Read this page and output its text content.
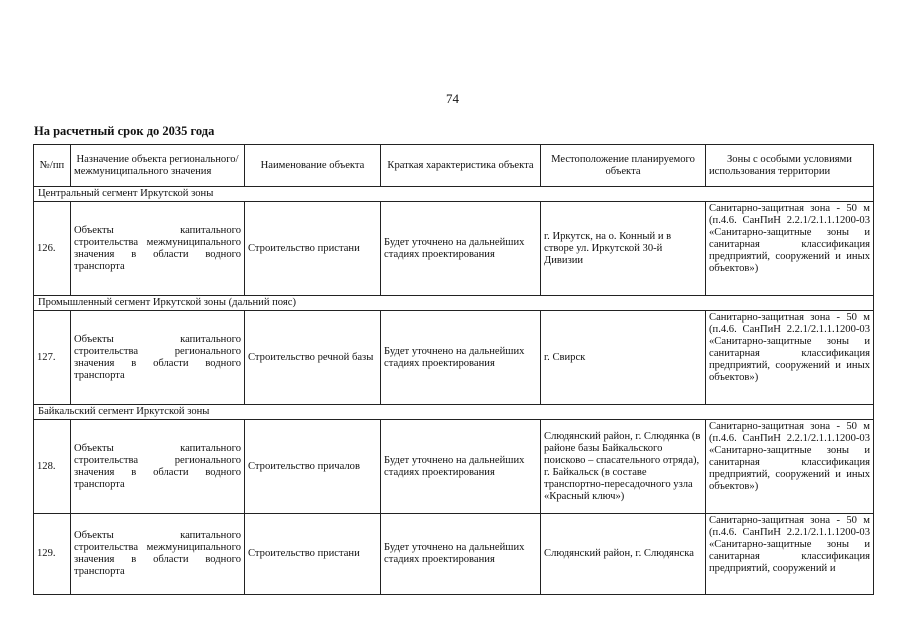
74
На расчетный срок до 2035 года
№/пп	Назначение объекта регионального/ межмуниципального значения	Наименование объекта	Краткая характеристика объекта	Местоположение планируемого объекта	Зоны с особыми условиями использования территории
Центральный сегмент Иркутской зоны					
126.	Объекты капитального строительства межмуниципального значения в области водного транспорта	Строительство пристани	Будет уточнено на дальнейших стадиях проектирования	г. Иркутск, на о. Конный и в створе ул. Иркутской 30-й Дивизии	Санитарно-защитная зона - 50 м (п.4.6. СанПиН 2.2.1/2.1.1.1200-03 «Санитарно-защитные зоны и санитарная классификация предприятий, сооружений и иных объектов»)

Промышленный сегмент Иркутской зоны (дальний пояс)					
127.	Объекты капитального строительства регионального значения в области водного транспорта	Строительство речной базы	Будет уточнено на дальнейших стадиях проектирования	г. Свирск	Санитарно-защитная зона - 50 м (п.4.6. СанПиН 2.2.1/2.1.1.1200-03 «Санитарно-защитные зоны и санитарная классификация предприятий, сооружений и иных объектов»)

Байкальский сегмент Иркутской зоны					
128.	Объекты капитального строительства регионального значения в области водного транспорта	Строительство причалов	Будет уточнено на дальнейших стадиях проектирования	Слюдянский район, г. Слюдянка (в районе базы Байкальского поисково – спасательного отряда), г. Байкальск (в составе транспортно-пересадочного узла «Красный ключ»)	Санитарно-защитная зона - 50 м (п.4.6. СанПиН 2.2.1/2.1.1.1200-03 «Санитарно-защитные зоны и санитарная классификация предприятий, сооружений и иных объектов»)

129.	Объекты капитального строительства межмуниципального значения в области водного транспорта	Строительство пристани	Будет уточнено на дальнейших стадиях проектирования	Слюдянский район, г. Слюдянска	Санитарно-защитная зона - 50 м (п.4.6. СанПиН 2.2.1/2.1.1.1200-03 «Санитарно-защитные зоны и санитарная классификация предприятий, сооружений и
